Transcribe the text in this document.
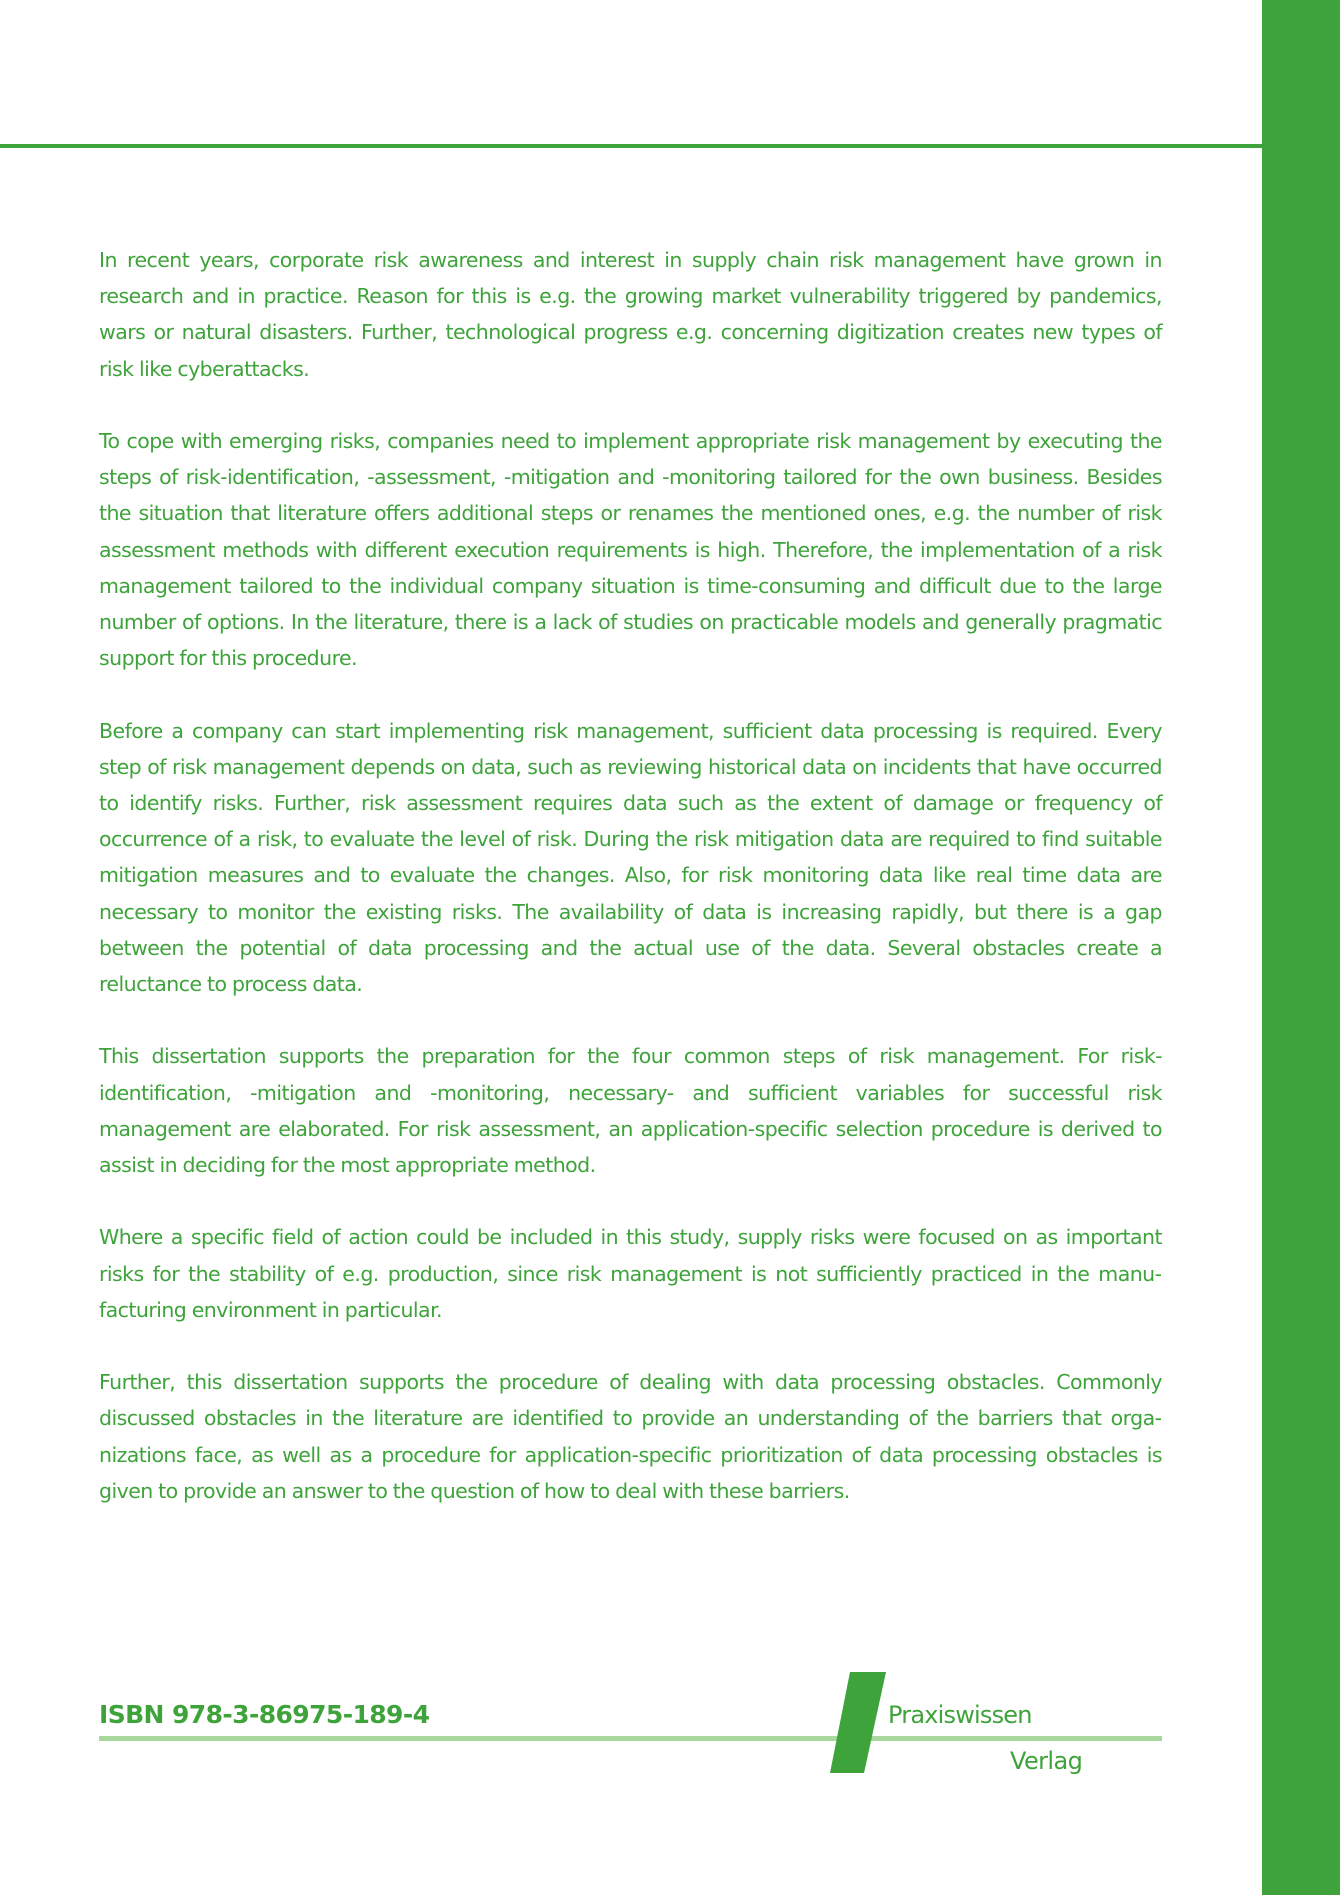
In recent years, corporate risk awareness and interest in supply chain risk management have grown in research and in practice. Reason for this is e.g. the growing market vulnerability triggered by pandemics, wars or natural disasters. Further, technological progress e.g. concerning digitization creates new types of risk like cyberattacks.

To cope with emerging risks, companies need to implement appropriate risk management by executing the steps of risk-identification, -assessment, -mitigation and -monitoring tailored for the own business. Besides the situation that literature offers additional steps or renames the mentioned ones, e.g. the number of risk assessment methods with different execution requirements is high. Therefore, the implementation of a risk management tailored to the individual company situation is time-consuming and difficult due to the large number of options. In the literature, there is a lack of studies on practicable models and generally pragmatic support for this procedure.

Before a company can start implementing risk management, sufficient data processing is required. Every step of risk management depends on data, such as reviewing historical data on incidents that have occurred to identify risks. Further, risk assessment requires data such as the extent of damage or frequency of occurrence of a risk, to evaluate the level of risk. During the risk mitigation data are required to find suitable mitigation measures and to evaluate the changes. Also, for risk monitoring data like real time data are necessary to monitor the existing risks. The availability of data is increasing rapidly, but there is a gap between the potential of data processing and the actual use of the data. Several obstacles create a reluctance to process data.

This dissertation supports the preparation for the four common steps of risk management. For risk-identification, -mitigation and -monitoring, necessary- and sufficient variables for successful risk management are elaborated. For risk assessment, an application-specific selection procedure is derived to assist in deciding for the most appropriate method.

Where a specific field of action could be included in this study, supply risks were focused on as important risks for the stability of e.g. production, since risk management is not sufficiently practiced in the manufacturing environment in particular.

Further, this dissertation supports the procedure of dealing with data processing obstacles. Commonly discussed obstacles in the literature are identified to provide an understanding of the barriers that organizations face, as well as a procedure for application-specific prioritization of data processing obstacles is given to provide an answer to the question of how to deal with these barriers.

ISBN 978-3-86975-189-4	Praxiswissen
Verlag
